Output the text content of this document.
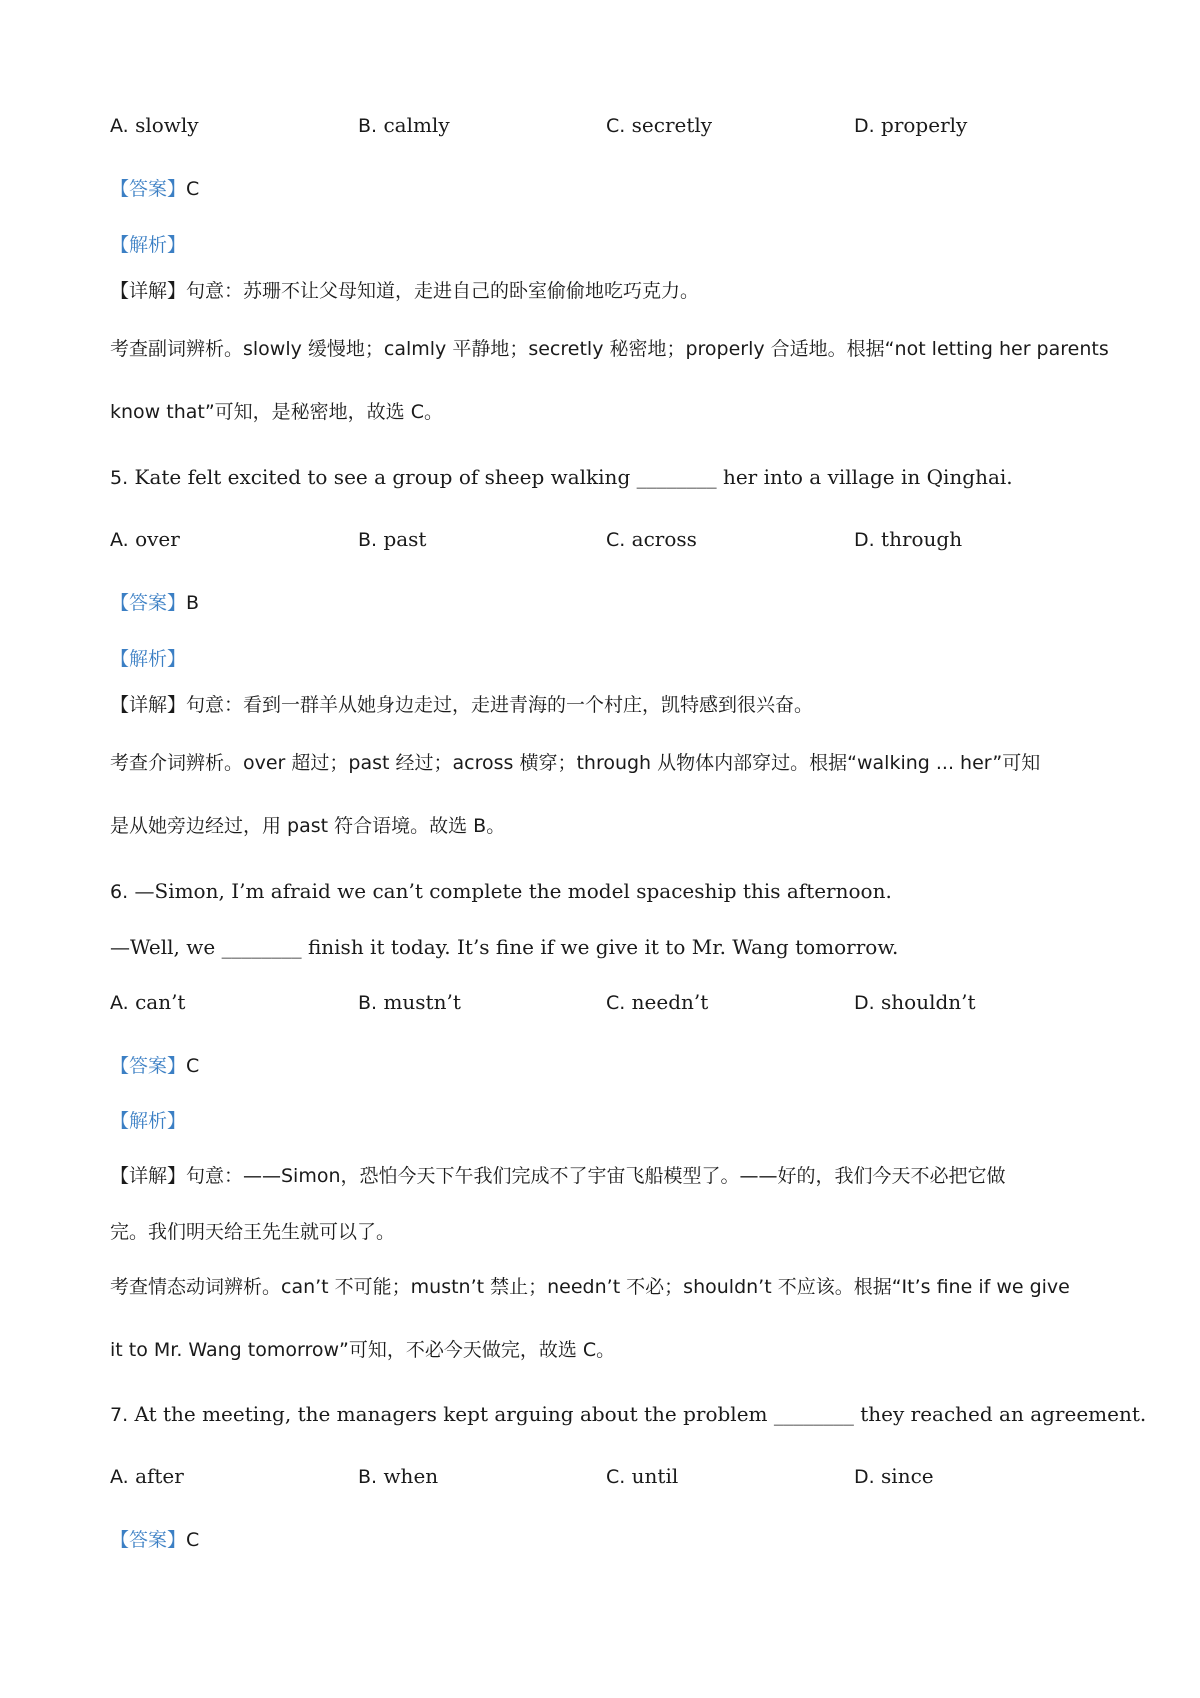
A. slowly	B. calmly	C. secretly	D. properly
【答案】C
【解析】
【详解】句意：苏珊不让父母知道，走进自己的卧室偷偷地吃巧克力。
考查副词辨析。slowly 缓慢地；calmly 平静地；secretly 秘密地；properly 合适地。根据“not letting her parents
know that”可知，是秘密地，故选 C。
5. Kate felt excited to see a group of sheep walking ________ her into a village in Qinghai.
A. over	B. past	C. across	D. through
【答案】B
【解析】
【详解】句意：看到一群羊从她身边走过，走进青海的一个村庄，凯特感到很兴奋。
考查介词辨析。over 超过；past 经过；across 横穿；through 从物体内部穿过。根据“walking ... her”可知
是从她旁边经过，用 past 符合语境。故选 B。
6. —Simon, I’m afraid we can’t complete the model spaceship this afternoon.
—Well, we ________ finish it today. It’s fine if we give it to Mr. Wang tomorrow.
A. can’t	B. mustn’t	C. needn’t	D. shouldn’t
【答案】C
【解析】
【详解】句意：——Simon，恐怕今天下午我们完成不了宇宙飞船模型了。——好的，我们今天不必把它做
完。我们明天给王先生就可以了。
考查情态动词辨析。can’t 不可能；mustn’t 禁止；needn’t 不必；shouldn’t 不应该。根据“It’s fine if we give
it to Mr. Wang tomorrow”可知，不必今天做完，故选 C。
7. At the meeting, the managers kept arguing about the problem ________ they reached an agreement.
A. after	B. when	C. until	D. since
【答案】C
